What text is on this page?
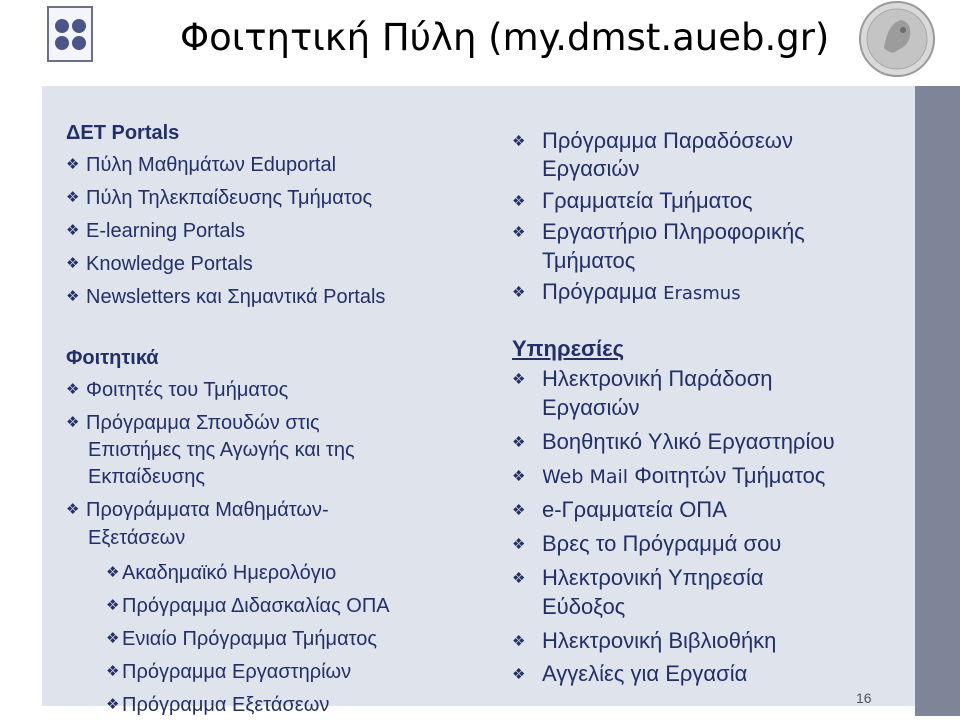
Φοιτητική Πύλη (my.dmst.aueb.gr)
ΔΕΤ Portals
❖ Πύλη Μαθημάτων Eduportal
❖ Πύλη Τηλεκπαίδευσης Τμήματος
❖ E-learning Portals
❖ Knowledge Portals
❖ Newsletters και Σημαντικά Portals
Φοιτητικά
❖ Φοιτητές του Τμήματος
❖ Πρόγραμμα Σπουδών στις
Επιστήμες της Αγωγής και της
Εκπαίδευσης
❖ Προγράμματα Μαθημάτων-
Εξετάσεων
❖ Ακαδημαϊκό Ημερολόγιο
❖ Πρόγραμμα Διδασκαλίας ΟΠΑ
❖ Ενιαίο Πρόγραμμα Τμήματος
❖ Πρόγραμμα Εργαστηρίων
❖ Πρόγραμμα Εξετάσεων
❖ Πρόγραμμα Παραδόσεων
Εργασιών
❖ Γραμματεία Τμήματος
❖ Εργαστήριο Πληροφορικής
Τμήματος
❖ Πρόγραμμα Erasmus
Υπηρεσίες
❖ Ηλεκτρονική Παράδοση
Εργασιών
❖ Βοηθητικό Υλικό Εργαστηρίου
❖ Web Mail Φοιτητών Τμήματος
❖ e-Γραμματεία ΟΠΑ
❖ Βρες το Πρόγραμμά σου
❖ Ηλεκτρονική Υπηρεσία
Εύδοξος
❖ Ηλεκτρονική Βιβλιοθήκη
❖ Αγγελίες για Εργασία
16
